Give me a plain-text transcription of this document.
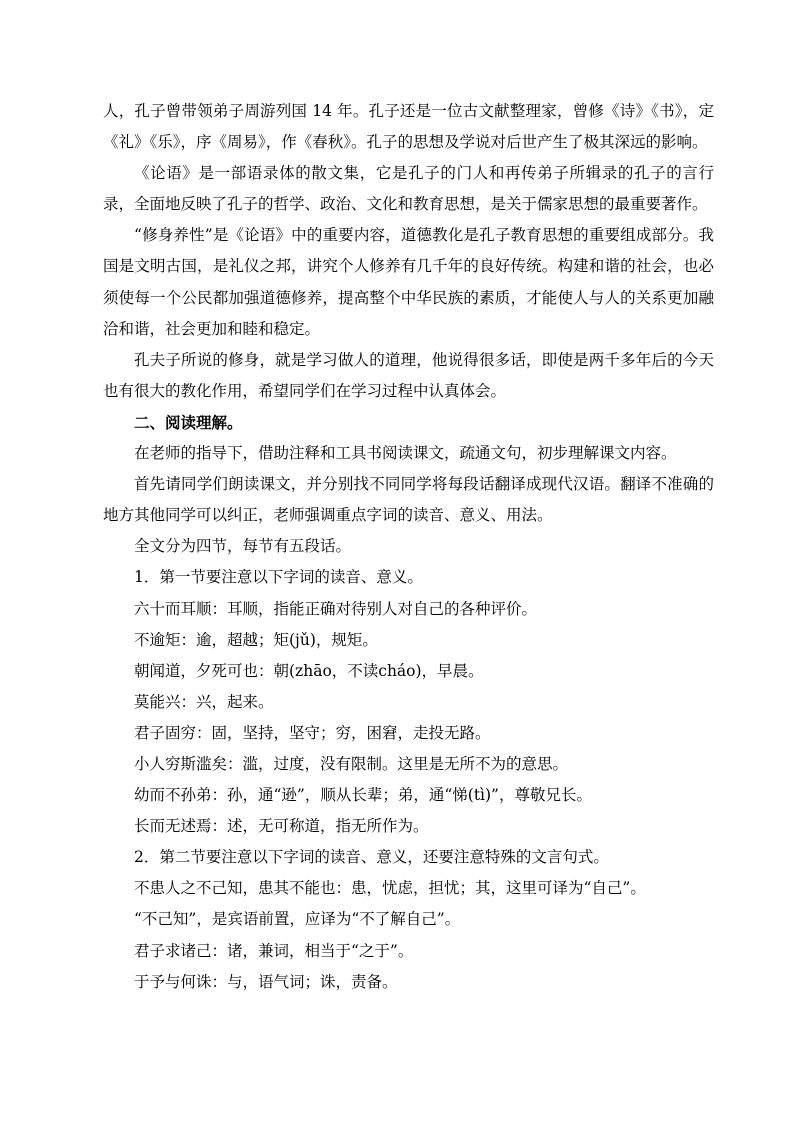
人，孔子曾带领弟子周游列国 14 年。孔子还是一位古文献整理家，曾修《诗》《书》，定《礼》《乐》，序《周易》，作《春秋》。孔子的思想及学说对后世产生了极其深远的影响。

《论语》是一部语录体的散文集，它是孔子的门人和再传弟子所辑录的孔子的言行录，全面地反映了孔子的哲学、政治、文化和教育思想，是关于儒家思想的最重要著作。

“修身养性”是《论语》中的重要内容，道德教化是孔子教育思想的重要组成部分。我国是文明古国，是礼仪之邦，讲究个人修养有几千年的良好传统。构建和谐的社会，也必须使每一个公民都加强道德修养，提高整个中华民族的素质，才能使人与人的关系更加融洽和谐，社会更加和睦和稳定。

孔夫子所说的修身，就是学习做人的道理，他说得很多话，即使是两千多年后的今天也有很大的教化作用，希望同学们在学习过程中认真体会。

二、阅读理解。

在老师的指导下，借助注释和工具书阅读课文，疏通文句，初步理解课文内容。

首先请同学们朗读课文，并分别找不同同学将每段话翻译成现代汉语。翻译不准确的地方其他同学可以纠正，老师强调重点字词的读音、意义、用法。

全文分为四节，每节有五段话。

1．第一节要注意以下字词的读音、意义。

六十而耳顺：耳顺，指能正确对待别人对自己的各种评价。

不逾矩：逾，超越；矩(jǔ)，规矩。

朝闻道，夕死可也：朝(zhāo，不读cháo)，早晨。

莫能兴：兴，起来。

君子固穷：固，坚持，坚守；穷，困窘，走投无路。

小人穷斯滥矣：滥，过度，没有限制。这里是无所不为的意思。

幼而不孙弟：孙，通“逊”，顺从长辈；弟，通“悌(tì)”，尊敬兄长。

长而无述焉：述，无可称道，指无所作为。

2．第二节要注意以下字词的读音、意义，还要注意特殊的文言句式。

不患人之不己知，患其不能也：患，忧虑，担忧；其，这里可译为“自己”。

“不己知”，是宾语前置，应译为“不了解自己”。

君子求诸己：诸，兼词，相当于“之于”。

于予与何诛：与，语气词；诛，责备。
